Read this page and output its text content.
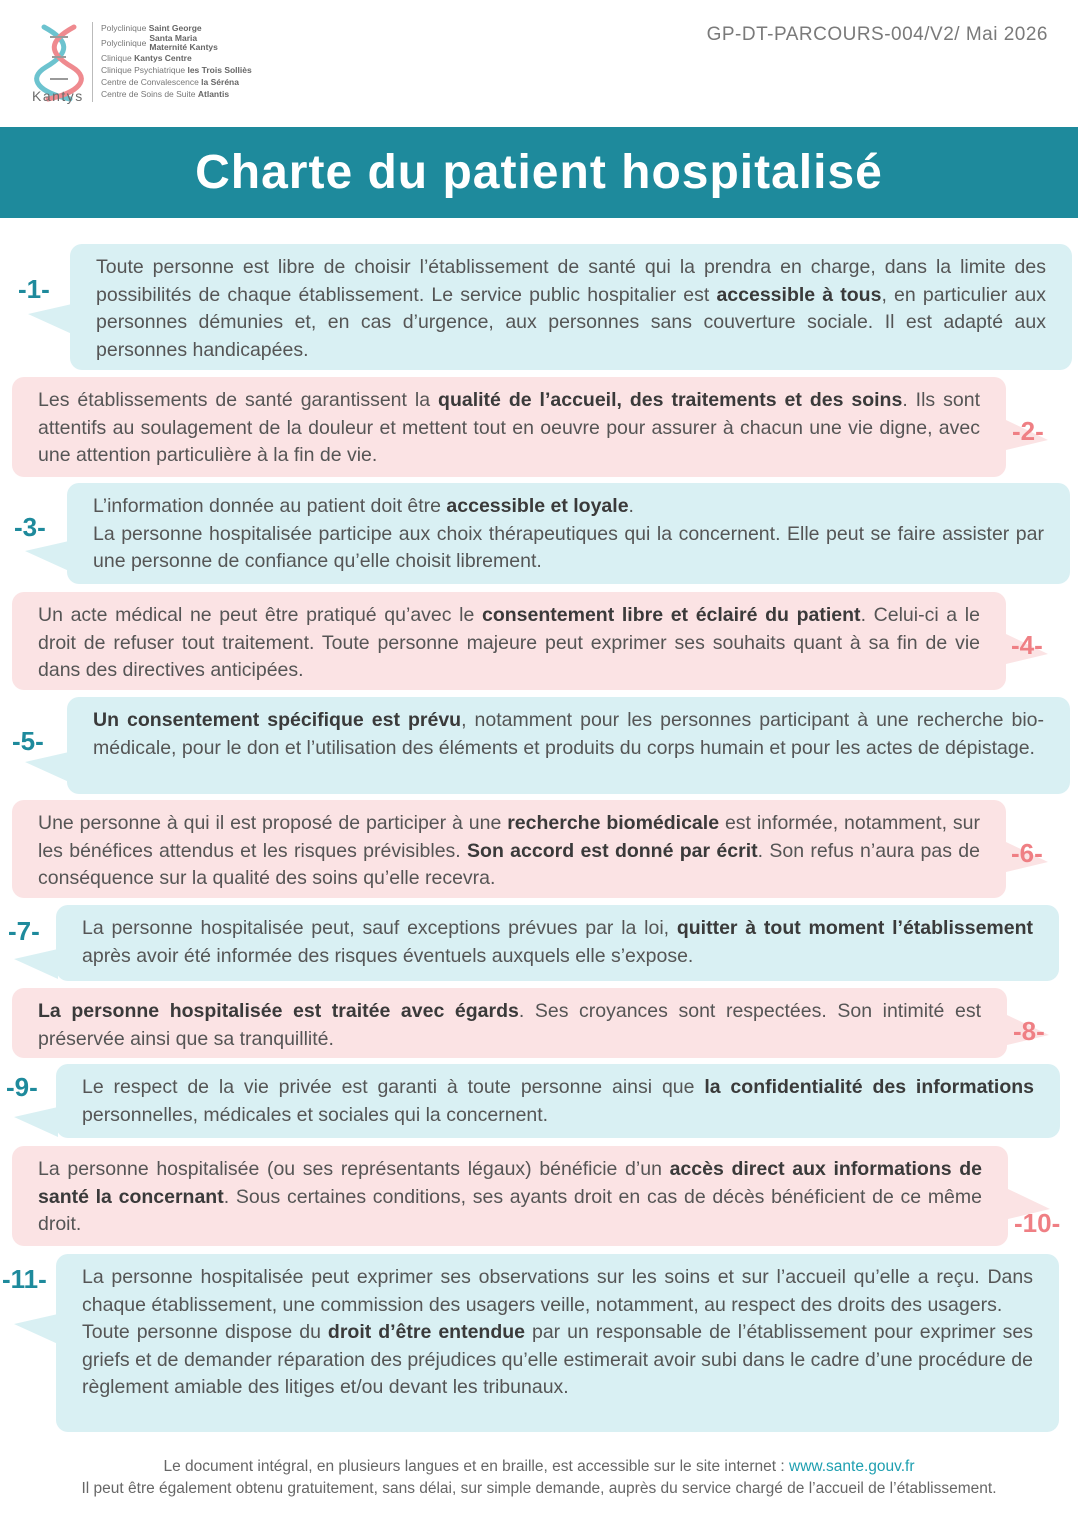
Kantys
Polyclinique Saint George
Polyclinique Santa Maria
Maternité Kantys
Clinique Kantys Centre
Clinique Psychiatrique les Trois Solliès
Centre de Convalescence la Séréna
Centre de Soins de Suite Atlantis
GP-DT-PARCOURS-004/V2/ Mai 2026
Charte du patient hospitalisé

Toute personne est libre de choisir l’établissement de santé qui la prendra en charge, dans la limite des possibilités de chaque établissement. Le service public hospitalier est accessible à tous, en particulier aux personnes démunies et, en cas d’urgence, aux personnes sans couverture sociale. Il est adapté aux personnes handicapées.

-1-

Les établissements de santé garantissent la qualité de l’accueil, des traitements et des soins. Ils sont attentifs au soulagement de la douleur et mettent tout en oeuvre pour assurer à chacun une vie digne, avec une attention particulière à la fin de vie.

-2-

L’information donnée au patient doit être accessible et loyale.
La personne hospitalisée participe aux choix thérapeutiques qui la concernent. Elle peut se faire assister par une personne de confiance qu’elle choisit librement.

-3-

Un acte médical ne peut être pratiqué qu’avec le consentement libre et éclairé du patient. Celui-ci a le droit de refuser tout traitement. Toute personne majeure peut exprimer ses souhaits quant à sa fin de vie dans des directives anticipées.

-4-

Un consentement spécifique est prévu, notamment pour les personnes participant à une recherche bio-médicale, pour le don et l’utilisation des éléments et produits du corps humain et pour les actes de dépistage.

-5-

Une personne à qui il est proposé de participer à une recherche biomédicale est informée, notamment, sur les bénéfices attendus et les risques prévisibles. Son accord est donné par écrit. Son refus n’aura pas de conséquence sur la qualité des soins qu’elle recevra.

-6-

La personne hospitalisée peut, sauf exceptions prévues par la loi, quitter à tout moment l’établissement après avoir été informée des risques éventuels auxquels elle s’expose.

-7-

La personne hospitalisée est traitée avec égards. Ses croyances sont respectées. Son intimité est préservée ainsi que sa tranquillité.	-8-

Le respect de la vie privée est garanti à toute personne ainsi que la confidentialité des informations personnelles, médicales et sociales qui la concernent.

-9-

La personne hospitalisée (ou ses représentants légaux) bénéficie d’un accès direct aux informations de santé la concernant. Sous certaines conditions, ses ayants droit en cas de décès bénéficient de ce même droit.	-10-

La personne hospitalisée peut exprimer ses observations sur les soins et sur l’accueil qu’elle a reçu. Dans chaque établissement, une commission des usagers veille, notamment, au respect des droits des usagers.
Toute personne dispose du droit d’être entendue par un responsable de l’établissement pour exprimer ses griefs et de demander réparation des préjudices qu’elle estimerait avoir subi dans le cadre d’une procédure de règlement amiable des litiges et/ou devant les tribunaux.

-11-
Le document intégral, en plusieurs langues et en braille, est accessible sur le site internet : www.sante.gouv.fr
Il peut être également obtenu gratuitement, sans délai, sur simple demande, auprès du service chargé de l’accueil de l’établissement.
